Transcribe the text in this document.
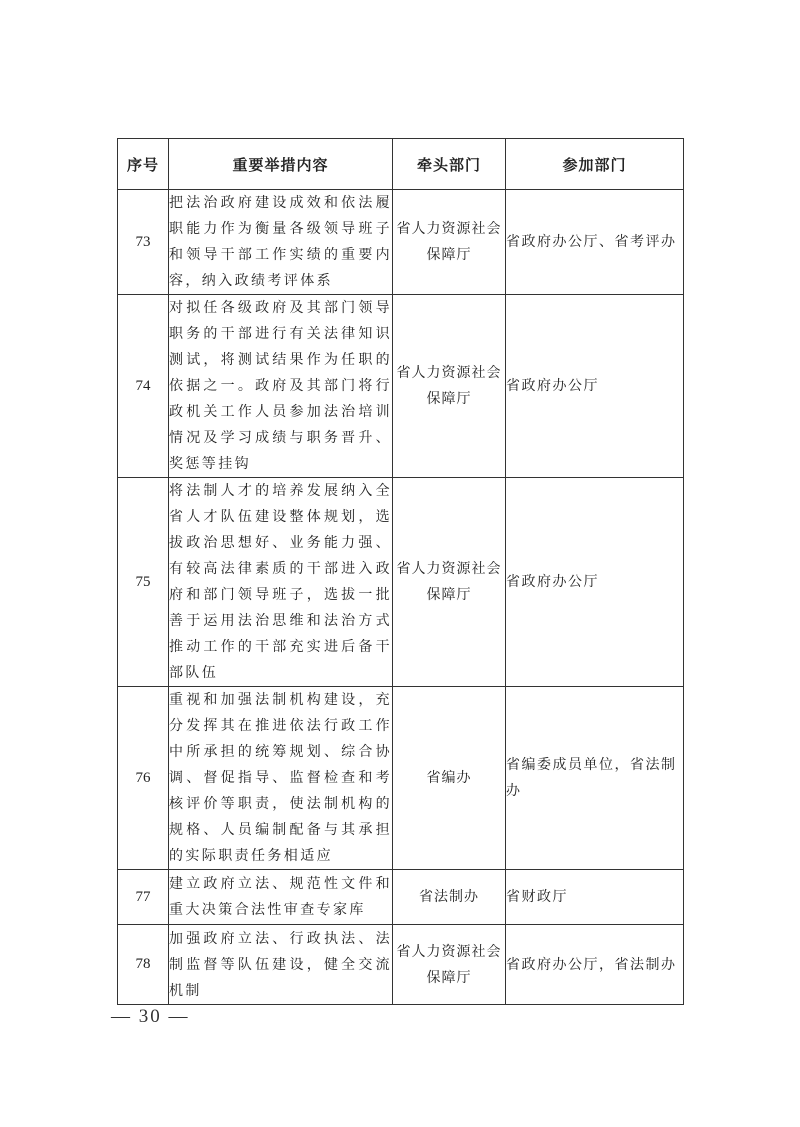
序号	重要举措内容	牵头部门	参加部门
73	把法治政府建设成效和依法履职能力作为衡量各级领导班子和领导干部工作实绩的重要内容，纳入政绩考评体系	省人力资源社会保障厅	省政府办公厅、省考评办
74	对拟任各级政府及其部门领导职务的干部进行有关法律知识测试，将测试结果作为任职的依据之一。政府及其部门将行政机关工作人员参加法治培训情况及学习成绩与职务晋升、奖惩等挂钩	省人力资源社会保障厅	省政府办公厅
75	将法制人才的培养发展纳入全省人才队伍建设整体规划，选拔政治思想好、业务能力强、有较高法律素质的干部进入政府和部门领导班子，选拔一批善于运用法治思维和法治方式推动工作的干部充实进后备干部队伍	省人力资源社会保障厅	省政府办公厅
76	重视和加强法制机构建设，充分发挥其在推进依法行政工作中所承担的统筹规划、综合协调、督促指导、监督检查和考核评价等职责，使法制机构的规格、人员编制配备与其承担的实际职责任务相适应	省编办	省编委成员单位，省法制办
77	建立政府立法、规范性文件和重大决策合法性审查专家库	省法制办	省财政厅
78	加强政府立法、行政执法、法制监督等队伍建设，健全交流机制	省人力资源社会保障厅	省政府办公厅，省法制办
— 30 —
